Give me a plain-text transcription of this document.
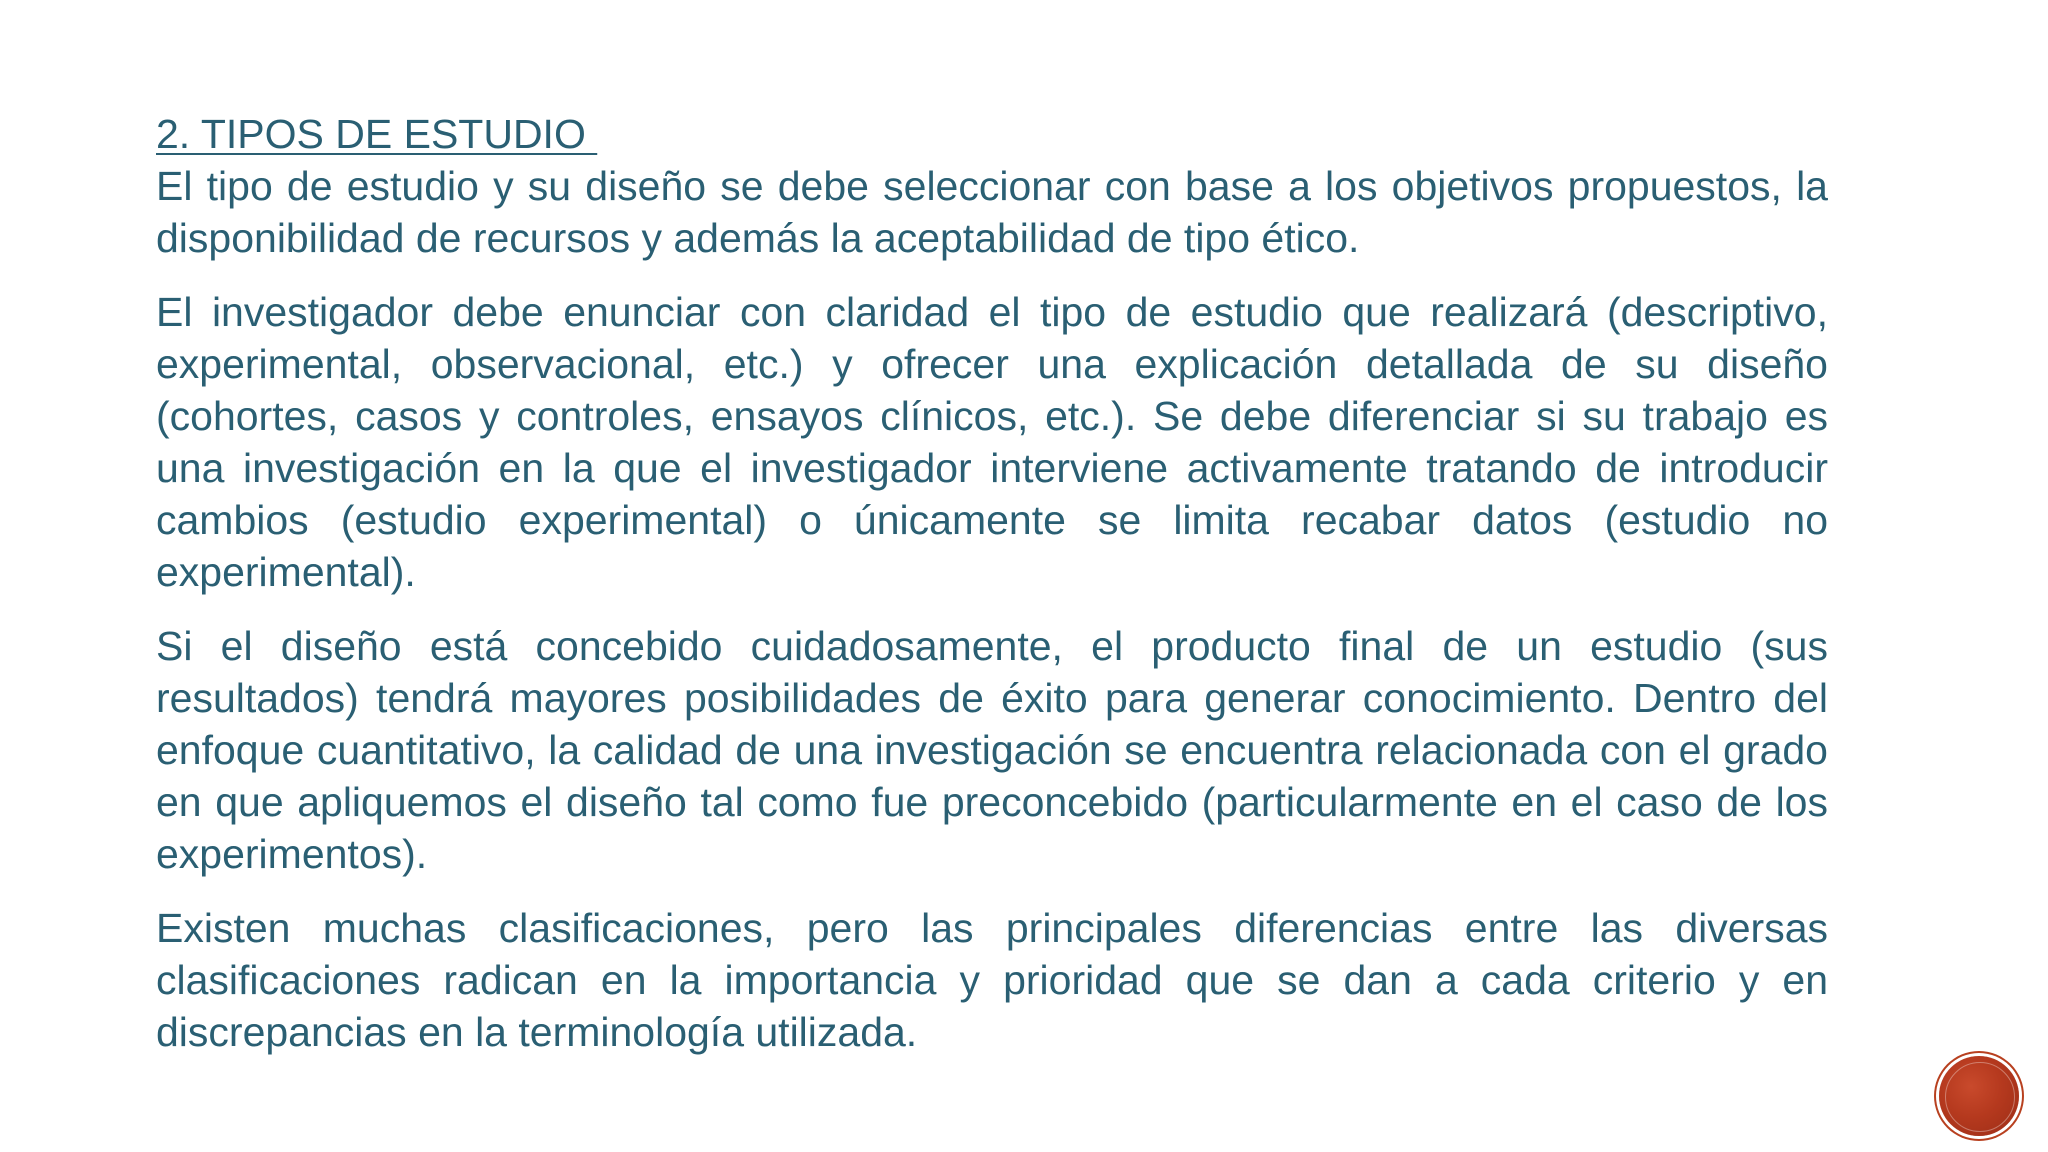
2. TIPOS DE ESTUDIO

El tipo de estudio y su diseño se debe seleccionar con base a los objetivos propuestos, la disponibilidad de recursos y además la aceptabilidad de tipo ético.

El investigador debe enunciar con claridad el tipo de estudio que realizará (descriptivo, experimental, observacional, etc.) y ofrecer una explicación detallada de su diseño (cohortes, casos y controles, ensayos clínicos, etc.). Se debe diferenciar si su trabajo es una investigación en la que el investigador interviene activamente tratando de introducir cambios (estudio experimental) o únicamente se limita recabar datos (estudio no experimental).

Si el diseño está concebido cuidadosamente, el producto final de un estudio (sus resultados) tendrá mayores posibilidades de éxito para generar conocimiento. Dentro del enfoque cuantitativo, la calidad de una investigación se encuentra relacionada con el grado en que apliquemos el diseño tal como fue preconcebido (particularmente en el caso de los experimentos).

Existen muchas clasificaciones, pero las principales diferencias entre las diversas clasificaciones radican en la importancia y prioridad que se dan a cada criterio y en discrepancias en la terminología utilizada.
